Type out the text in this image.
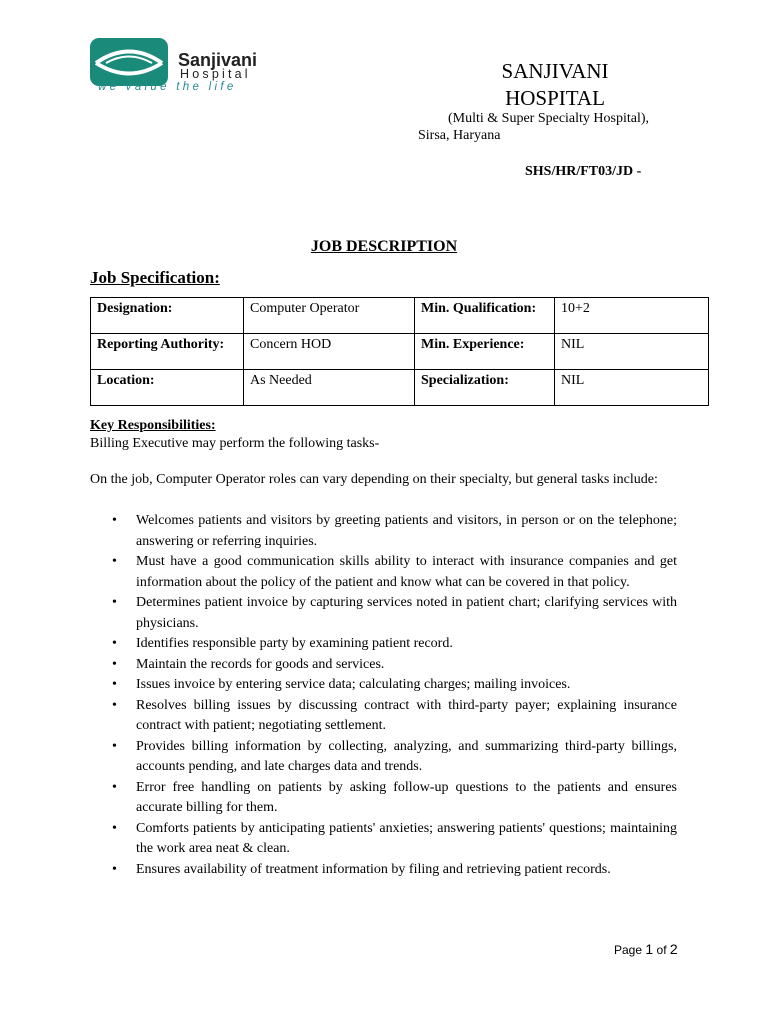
Sanjivani
Hospital
we value the life
SANJIVANI
HOSPITAL
(Multi & Super Specialty Hospital),
Sirsa, Haryana
SHS/HR/FT03/JD -
JOB DESCRIPTION
Job Specification:
Designation:	Computer Operator	Min. Qualification:	10+2
Reporting Authority:	Concern HOD	Min. Experience:	NIL
Location:	As Needed	Specialization:	NIL
Key Responsibilities:
Billing Executive may perform the following tasks-
On the job, Computer Operator roles can vary depending on their specialty, but general tasks include:
• Welcomes patients and visitors by greeting patients and visitors, in person or on the telephone; answering or referring inquiries.
• Must have a good communication skills ability to interact with insurance companies and get information about the policy of the patient and know what can be covered in that policy.
• Determines patient invoice by capturing services noted in patient chart; clarifying services with physicians.
• Identifies responsible party by examining patient record.
• Maintain the records for goods and services.
• Issues invoice by entering service data; calculating charges; mailing invoices.
• Resolves billing issues by discussing contract with third-party payer; explaining insurance contract with patient; negotiating settlement.
• Provides billing information by collecting, analyzing, and summarizing third-party billings, accounts pending, and late charges data and trends.
• Error free handling on patients by asking follow-up questions to the patients and ensures accurate billing for them.
• Comforts patients by anticipating patients' anxieties; answering patients' questions; maintaining the work area neat & clean.
• Ensures availability of treatment information by filing and retrieving patient records.
Page 1 of 2
